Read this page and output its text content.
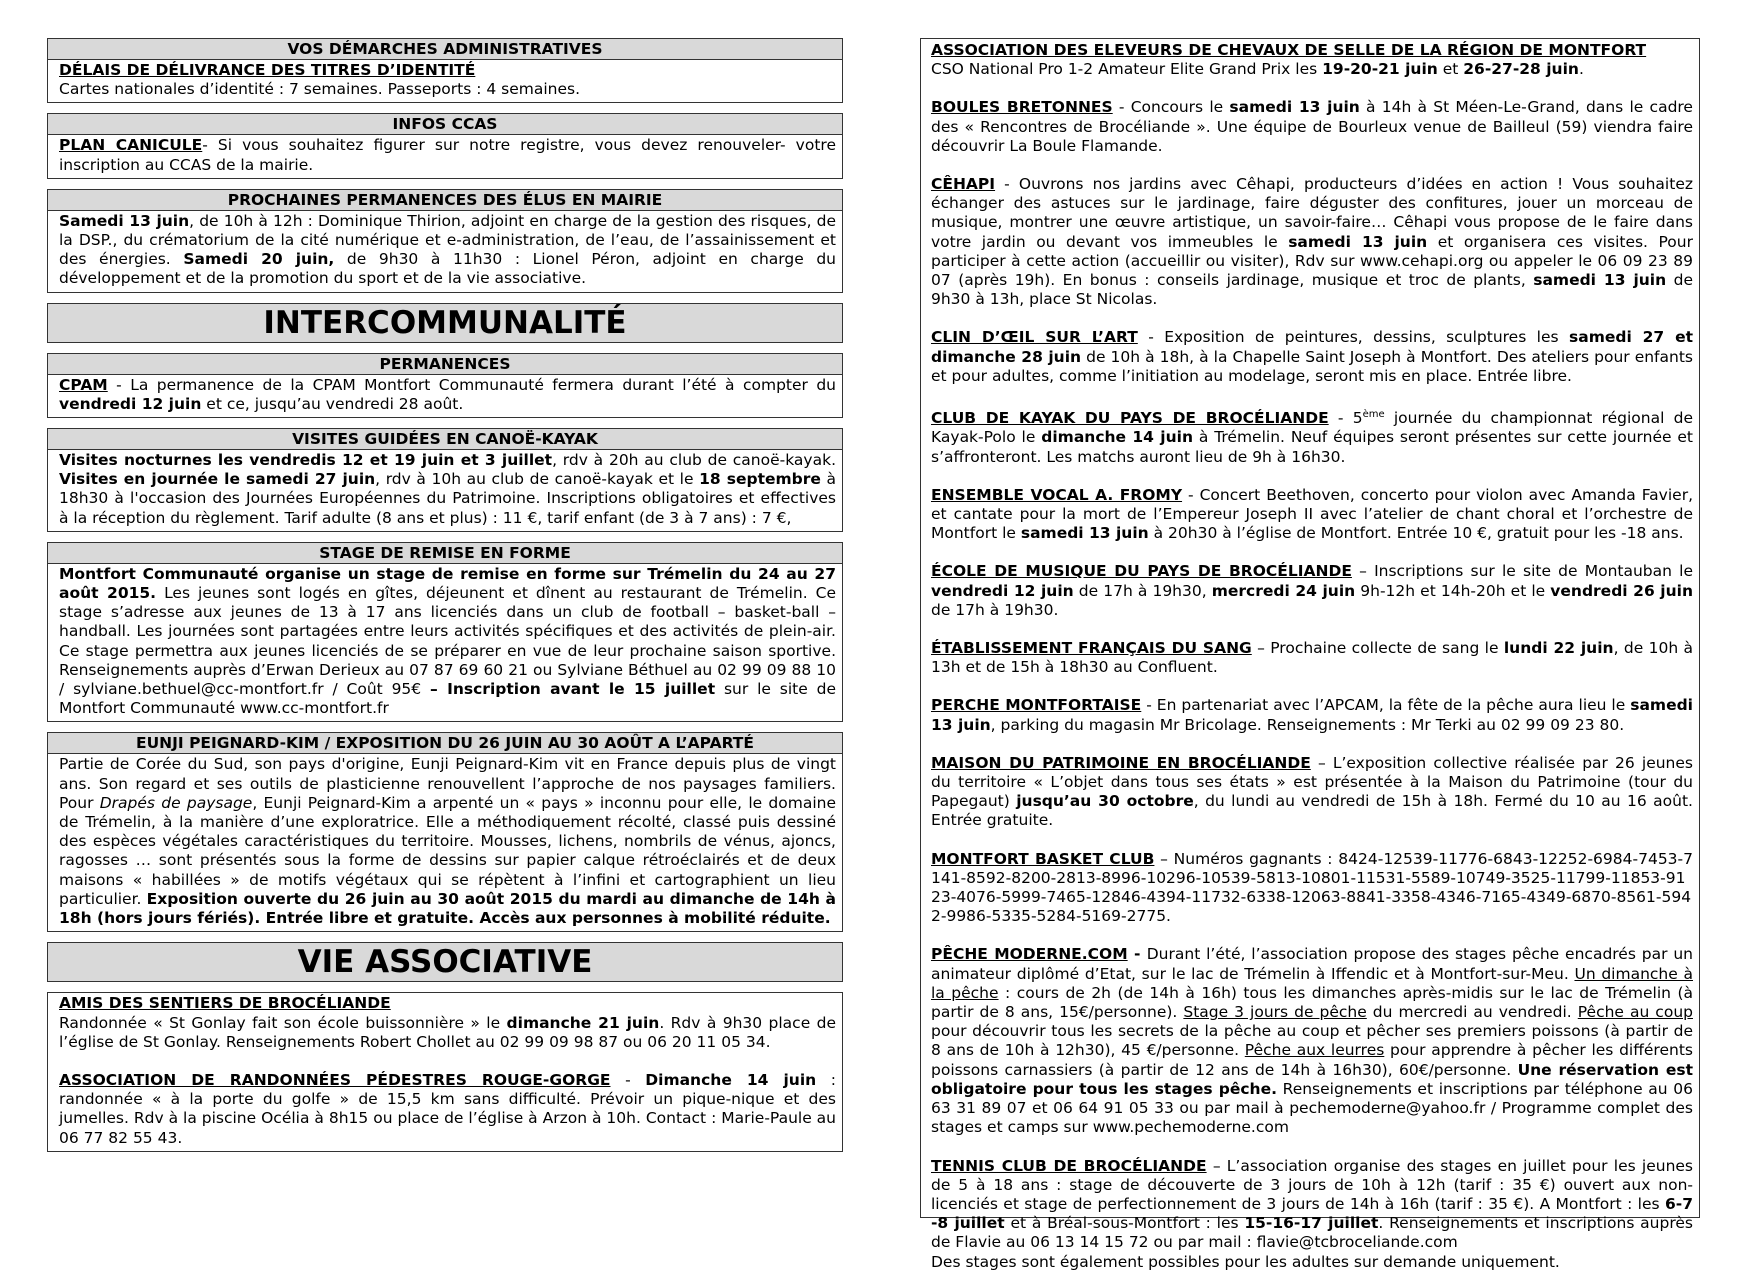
VOS DÉMARCHES ADMINISTRATIVES
DÉLAIS DE DÉLIVRANCE DES TITRES D’IDENTITÉ
Cartes nationales d’identité : 7 semaines. Passeports : 4 semaines.
INFOS CCAS
PLAN CANICULE- Si vous souhaitez figurer sur notre registre, vous devez renouveler- votre inscription au CCAS de la mairie.
PROCHAINES PERMANENCES DES ÉLUS EN MAIRIE
Samedi 13 juin, de 10h à 12h : Dominique Thirion, adjoint en charge de la gestion des risques, de la DSP., du crématorium de la cité numérique et e-administration, de l’eau, de l’assainissement et des énergies. Samedi 20 juin, de 9h30 à 11h30 : Lionel Péron, adjoint en charge du développement et de la promotion du sport et de la vie associative.
INTERCOMMUNALITÉ
PERMANENCES
CPAM - La permanence de la CPAM Montfort Communauté fermera durant l’été à compter du vendredi 12 juin et ce, jusqu’au vendredi 28 août.
VISITES GUIDÉES EN CANOË-KAYAK
Visites nocturnes les vendredis 12 et 19 juin et 3 juillet, rdv à 20h au club de canoë-kayak. Visites en journée le samedi 27 juin, rdv à 10h au club de canoë-kayak et le 18 septembre à 18h30 à l'occasion des Journées Européennes du Patrimoine. Inscriptions obligatoires et effectives à la réception du règlement. Tarif adulte (8 ans et plus) : 11 €, tarif enfant (de 3 à 7 ans) : 7 €,
STAGE DE REMISE EN FORME
Montfort Communauté organise un stage de remise en forme sur Trémelin du 24 au 27 août 2015. Les jeunes sont logés en gîtes, déjeunent et dînent au restaurant de Trémelin. Ce stage s’adresse aux jeunes de 13 à 17 ans licenciés dans un club de football – basket-ball – handball. Les journées sont partagées entre leurs activités spécifiques et des activités de plein-air. Ce stage permettra aux jeunes licenciés de se préparer en vue de leur prochaine saison sportive. Renseignements auprès d’Erwan Derieux au 07 87 69 60 21 ou Sylviane Béthuel au 02 99 09 88 10 / sylviane.bethuel@cc-montfort.fr / Coût 95€ – Inscription avant le 15 juillet sur le site de Montfort Communauté www.cc-montfort.fr
EUNJI PEIGNARD-KIM / EXPOSITION DU 26 JUIN AU 30 AOÛT A L’APARTÉ
Partie de Corée du Sud, son pays d'origine, Eunji Peignard-Kim vit en France depuis plus de vingt ans. Son regard et ses outils de plasticienne renouvellent l’approche de nos paysages familiers. Pour Drapés de paysage, Eunji Peignard-Kim a arpenté un « pays » inconnu pour elle, le domaine de Trémelin, à la manière d’une exploratrice. Elle a méthodiquement récolté, classé puis dessiné des espèces végétales caractéristiques du territoire. Mousses, lichens, nombrils de vénus, ajoncs, ragosses … sont présentés sous la forme de dessins sur papier calque rétroéclairés et de deux maisons « habillées » de motifs végétaux qui se répètent à l’infini et cartographient un lieu particulier. Exposition ouverte du 26 juin au 30 août 2015 du mardi au dimanche de 14h à 18h (hors jours fériés). Entrée libre et gratuite. Accès aux personnes à mobilité réduite.
VIE ASSOCIATIVE

AMIS DES SENTIERS DE BROCÉLIANDE
Randonnée « St Gonlay fait son école buissonnière » le dimanche 21 juin. Rdv à 9h30 place de l’église de St Gonlay. Renseignements Robert Chollet au 02 99 09 98 87 ou 06 20 11 05 34.

ASSOCIATION DE RANDONNÉES PÉDESTRES ROUGE-GORGE - Dimanche 14 juin : randonnée « à la porte du golfe » de 15,5 km sans difficulté. Prévoir un pique-nique et des jumelles. Rdv à la piscine Océlia à 8h15 ou place de l’église à Arzon à 10h. Contact : Marie-Paule au 06 77 82 55 43.

ASSOCIATION DES ELEVEURS DE CHEVAUX DE SELLE DE LA RÉGION DE MONTFORT
CSO National Pro 1-2 Amateur Elite Grand Prix les 19-20-21 juin et 26-27-28 juin.

BOULES BRETONNES - Concours le samedi 13 juin à 14h à St Méen-Le-Grand, dans le cadre des « Rencontres de Brocéliande ». Une équipe de Bourleux venue de Bailleul (59) viendra faire découvrir La Boule Flamande.

CÊHAPI - Ouvrons nos jardins avec Cêhapi, producteurs d’idées en action ! Vous souhaitez échanger des astuces sur le jardinage, faire déguster des confitures, jouer un morceau de musique, montrer une œuvre artistique, un savoir-faire… Cêhapi vous propose de le faire dans votre jardin ou devant vos immeubles le samedi 13 juin et organisera ces visites. Pour participer à cette action (accueillir ou visiter), Rdv sur www.cehapi.org ou appeler le 06 09 23 89 07 (après 19h). En bonus : conseils jardinage, musique et troc de plants, samedi 13 juin de 9h30 à 13h, place St Nicolas.

CLIN D’ŒIL SUR L’ART - Exposition de peintures, dessins, sculptures les samedi 27 et dimanche 28 juin de 10h à 18h, à la Chapelle Saint Joseph à Montfort. Des ateliers pour enfants et pour adultes, comme l’initiation au modelage, seront mis en place. Entrée libre.

CLUB DE KAYAK DU PAYS DE BROCÉLIANDE - 5ème journée du championnat régional de Kayak-Polo le dimanche 14 juin à Trémelin. Neuf équipes seront présentes sur cette journée et s’affronteront. Les matchs auront lieu de 9h à 16h30.

ENSEMBLE VOCAL A. FROMY - Concert Beethoven, concerto pour violon avec Amanda Favier, et cantate pour la mort de l’Empereur Joseph II avec l’atelier de chant choral et l’orchestre de Montfort le samedi 13 juin à 20h30 à l’église de Montfort. Entrée 10 €, gratuit pour les -18 ans.

ÉCOLE DE MUSIQUE DU PAYS DE BROCÉLIANDE – Inscriptions sur le site de Montauban le vendredi 12 juin de 17h à 19h30, mercredi 24 juin 9h-12h et 14h-20h et le vendredi 26 juin de 17h à 19h30.

ÉTABLISSEMENT FRANÇAIS DU SANG – Prochaine collecte de sang le lundi 22 juin, de 10h à 13h et de 15h à 18h30 au Confluent.

PERCHE MONTFORTAISE - En partenariat avec l’APCAM, la fête de la pêche aura lieu le samedi 13 juin, parking du magasin Mr Bricolage. Renseignements : Mr Terki au 02 99 09 23 80.

MAISON DU PATRIMOINE EN BROCÉLIANDE – L’exposition collective réalisée par 26 jeunes du territoire « L’objet dans tous ses états » est présentée à la Maison du Patrimoine (tour du Papegaut) jusqu’au 30 octobre, du lundi au vendredi de 15h à 18h. Fermé du 10 au 16 août. Entrée gratuite.

MONTFORT BASKET CLUB – Numéros gagnants : 8424-12539-11776-6843-12252-6984-7453-7141-8592-8200-2813-8996-10296-10539-5813-10801-11531-5589-10749-3525-11799-11853-9123-4076-5999-7465-12846-4394-11732-6338-12063-8841-3358-4346-7165-4349-6870-8561-5942-9986-5335-5284-5169-2775.

PÊCHE MODERNE.COM - Durant l’été, l’association propose des stages pêche encadrés par un animateur diplômé d’Etat, sur le lac de Trémelin à Iffendic et à Montfort-sur-Meu. Un dimanche à la pêche : cours de 2h (de 14h à 16h) tous les dimanches après-midis sur le lac de Trémelin (à partir de 8 ans, 15€/personne). Stage 3 jours de pêche du mercredi au vendredi. Pêche au coup pour découvrir tous les secrets de la pêche au coup et pêcher ses premiers poissons (à partir de 8 ans de 10h à 12h30), 45 €/personne. Pêche aux leurres pour apprendre à pêcher les différents poissons carnassiers (à partir de 12 ans de 14h à 16h30), 60€/personne. Une réservation est obligatoire pour tous les stages pêche. Renseignements et inscriptions par téléphone au 06 63 31 89 07 et 06 64 91 05 33 ou par mail à pechemoderne@yahoo.fr / Programme complet des stages et camps sur www.pechemoderne.com

TENNIS CLUB DE BROCÉLIANDE – L’association organise des stages en juillet pour les jeunes de 5 à 18 ans : stage de découverte de 3 jours de 10h à 12h (tarif : 35 €) ouvert aux non-licenciés et stage de perfectionnement de 3 jours de 14h à 16h (tarif : 35 €). A Montfort : les 6-7 -8 juillet et à Bréal-sous-Montfort : les 15-16-17 juillet. Renseignements et inscriptions auprès de Flavie au 06 13 14 15 72 ou par mail : flavie@tcbroceliande.com
Des stages sont également possibles pour les adultes sur demande uniquement.
